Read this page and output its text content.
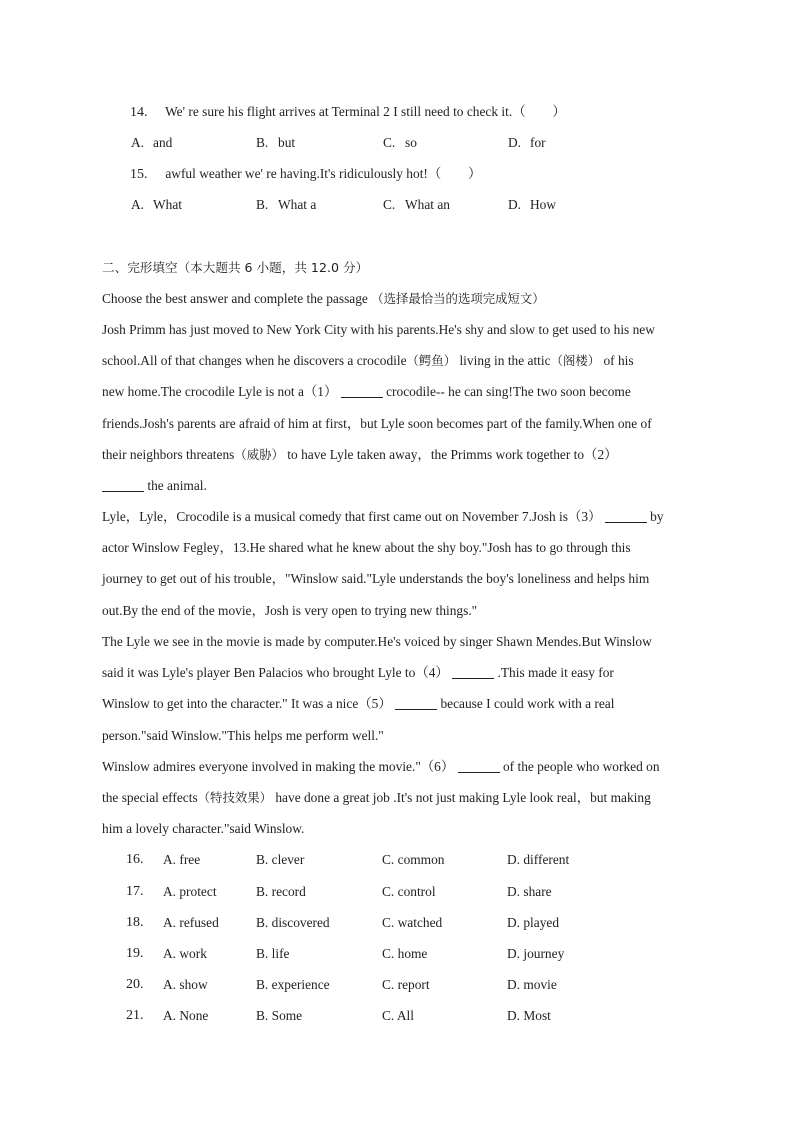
14. We' re sure his flight arrives at Terminal 2 I still need to check it.（　　）
A. and	B. but	C. so	D. for
15. awful weather we' re having.It's ridiculously hot!（　　）
A. What	B. What a	C. What an	D. How
二、完形填空（本大题共 6 小题，共 12.0 分）
Choose the best answer and complete the passage （选择最恰当的选项完成短文）
Josh Primm has just moved to New York City with his parents.He's shy and slow to get used to his new
school.All of that changes when he discovers a crocodile（鳄鱼） living in the attic（阁楼） of his
new home.The crocodile Lyle is not a（1）	crocodile-- he can sing!The two soon become
friends.Josh's parents are afraid of him at first，but Lyle soon becomes part of the family.When one of
their neighbors threatens（威胁） to have Lyle taken away，the Primms work together to（2）
the animal.
Lyle，Lyle，Crocodile is a musical comedy that first came out on November 7.Josh is（3）	by
actor Winslow Fegley，13.He shared what he knew about the shy boy."Josh has to go through this
journey to get out of his trouble，"Winslow said."Lyle understands the boy's loneliness and helps him
out.By the end of the movie，Josh is very open to trying new things."
The Lyle we see in the movie is made by computer.He's voiced by singer Shawn Mendes.But Winslow
said it was Lyle's player Ben Palacios who brought Lyle to（4）	.This made it easy for
Winslow to get into the character." It was a nice（5）	because I could work with a real
person."said Winslow."This helps me perform well."
Winslow admires everyone involved in making the movie."（6）	of the people who worked on
the special effects（特技效果） have done a great job .It's not just making Lyle look real，but making
him a lovely character."said Winslow.
16. A. free	B. clever	C. common	D. different
17. A. protect	B. record	C. control	D. share
18. A. refused	B. discovered	C. watched	D. played
19. A. work	B. life	C. home	D. journey
20. A. show	B. experience	C. report	D. movie
21. A. None	B. Some	C. All	D. Most
